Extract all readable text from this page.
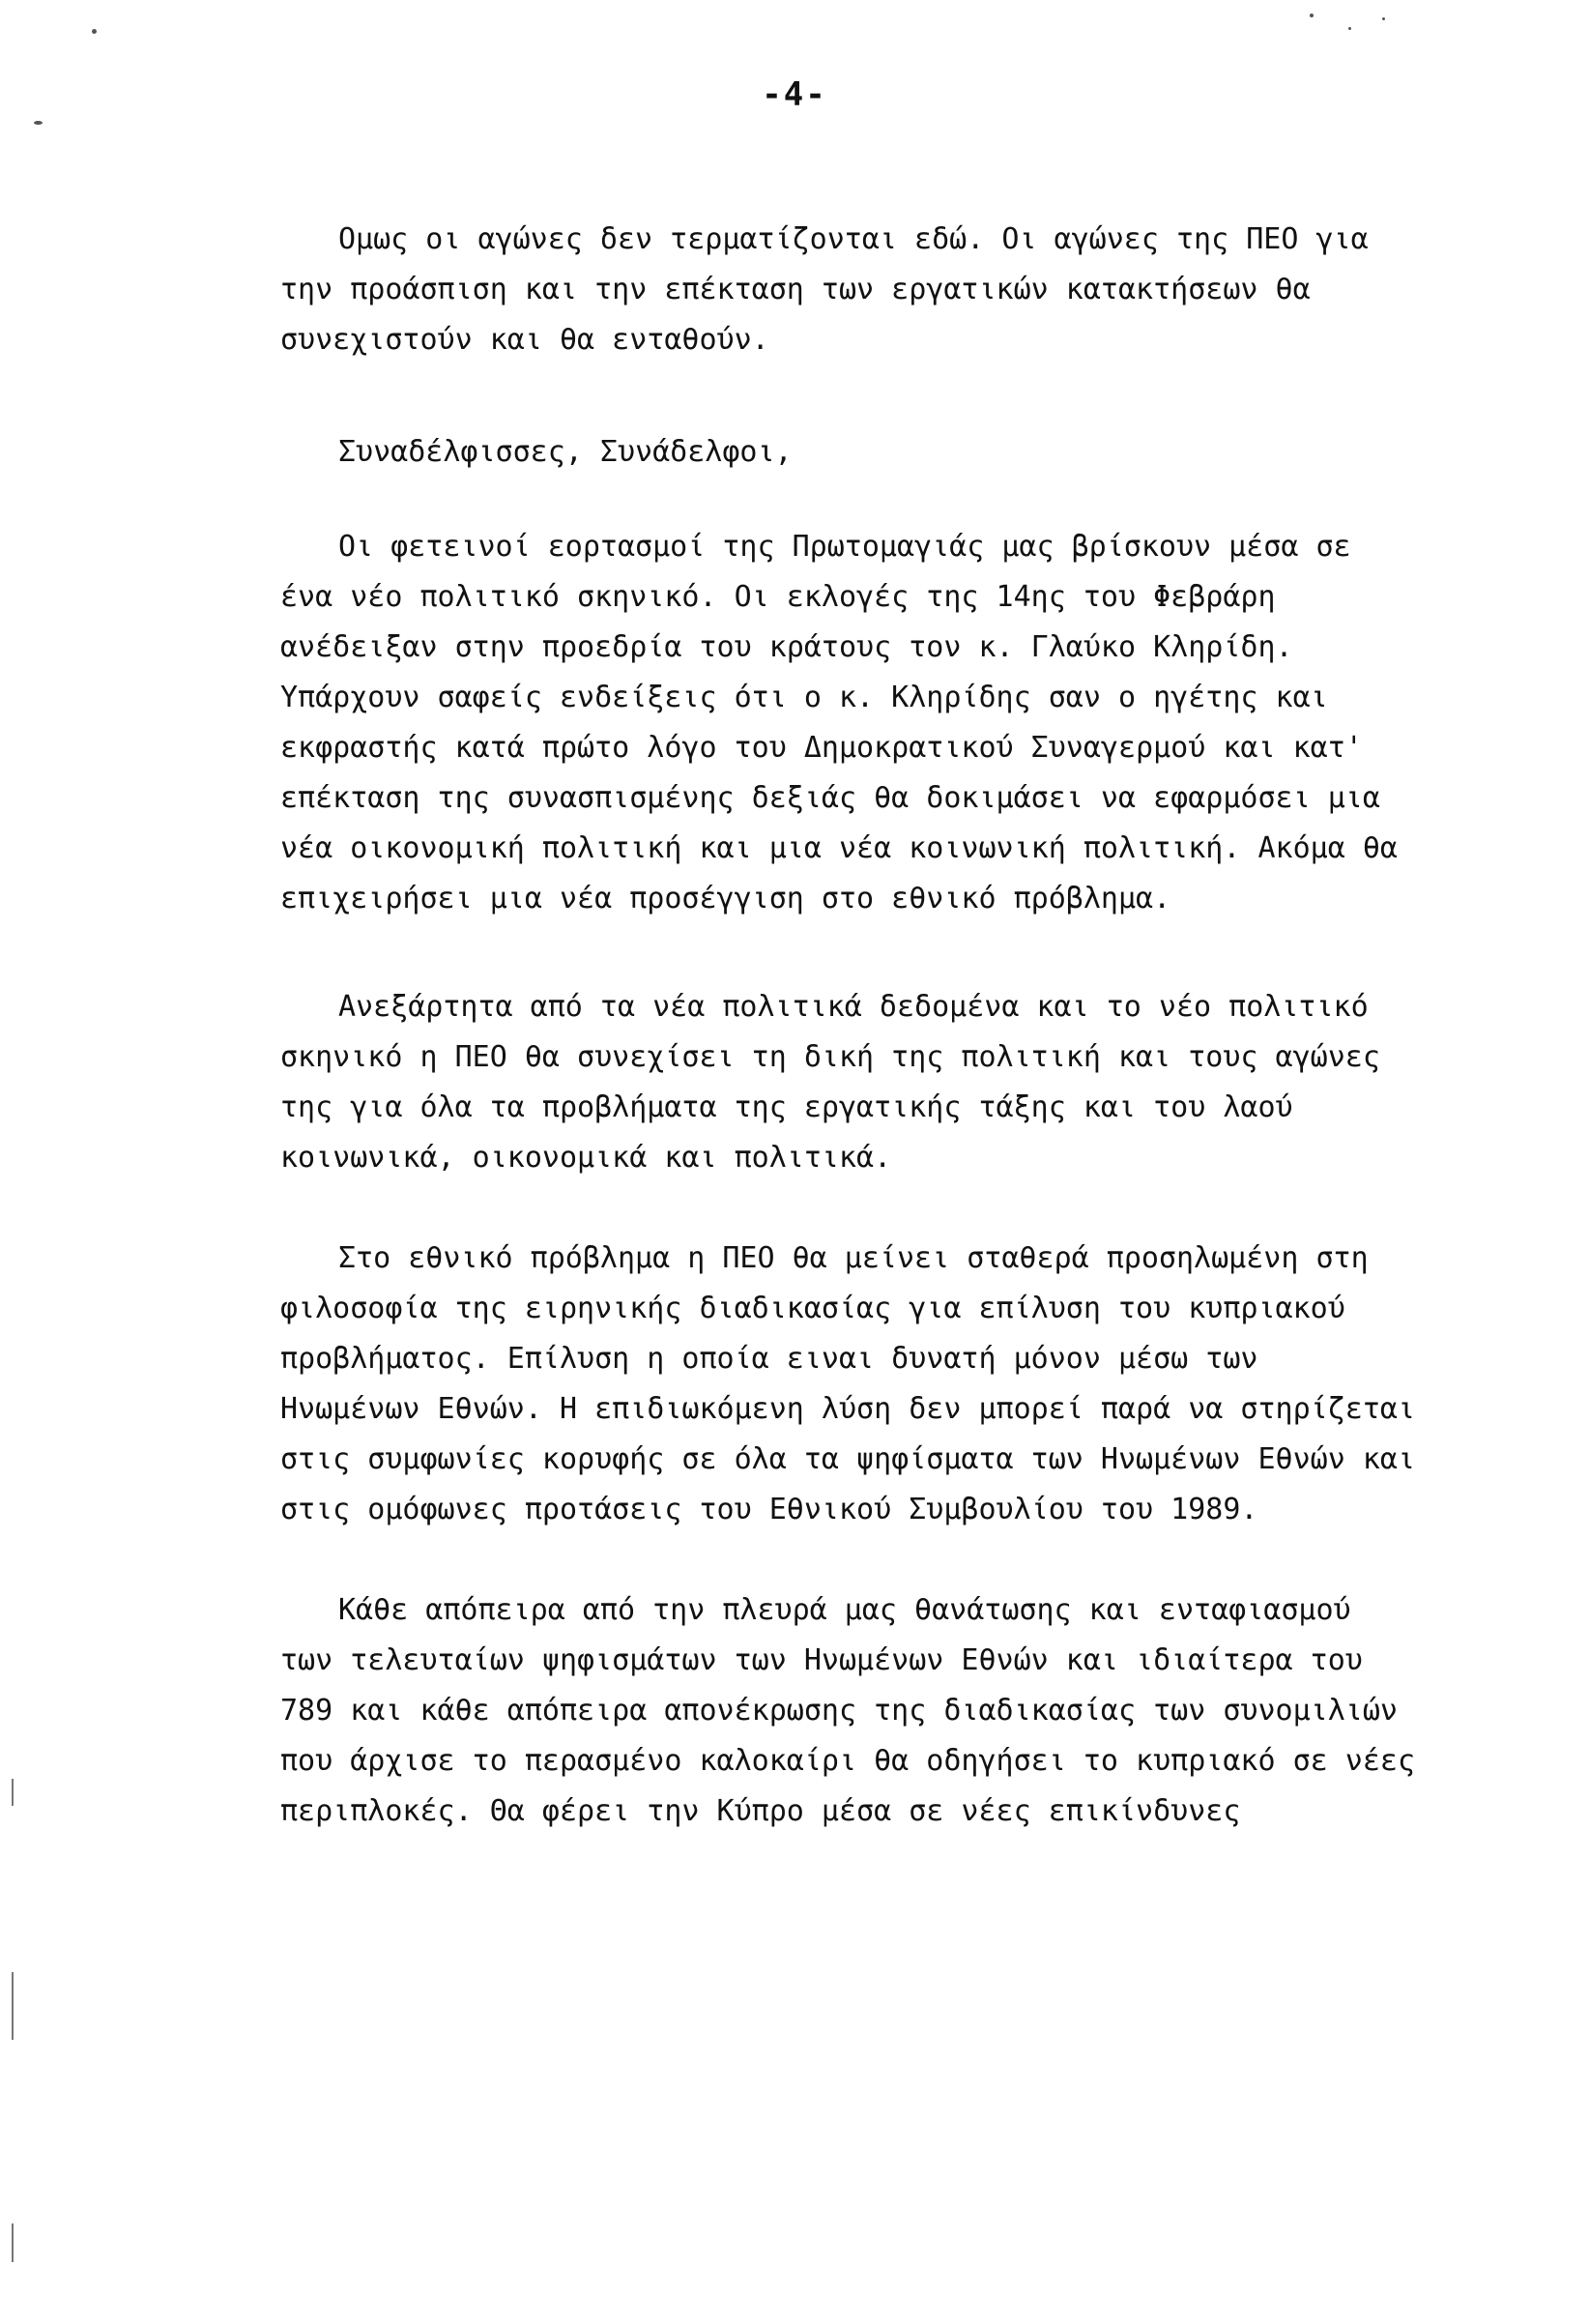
-4-
Ομως οι αγώνες δεν τερματίζονται εδώ. Οι αγώνες της ΠΕΟ για
την προάσπιση και την επέκταση των εργατικών κατακτήσεων θα
συνεχιστούν και θα ενταθούν.
Συναδέλφισσες, Συνάδελφοι,
Οι φετεινοί εορτασμοί της Πρωτομαγιάς μας βρίσκουν μέσα σε
ένα νέο πολιτικό σκηνικό. Οι εκλογές της 14ης του Φεβράρη
ανέδειξαν στην προεδρία του κράτους τον κ. Γλαύκο Κληρίδη.
Υπάρχουν σαφείς ενδείξεις ότι ο κ. Κληρίδης σαν ο ηγέτης και
εκφραστής κατά πρώτο λόγο του Δημοκρατικού Συναγερμού και κατ'
επέκταση της συνασπισμένης δεξιάς θα δοκιμάσει να εφαρμόσει μια
νέα οικονομική πολιτική και μια νέα κοινωνική πολιτική. Ακόμα θα
επιχειρήσει μια νέα προσέγγιση στο εθνικό πρόβλημα.
Ανεξάρτητα από τα νέα πολιτικά δεδομένα και το νέο πολιτικό
σκηνικό η ΠΕΟ θα συνεχίσει τη δική της πολιτική και τους αγώνες
της για όλα τα προβλήματα της εργατικής τάξης και του λαού
κοινωνικά, οικονομικά και πολιτικά.
Στο εθνικό πρόβλημα η ΠΕΟ θα μείνει σταθερά προσηλωμένη στη
φιλοσοφία της ειρηνικής διαδικασίας για επίλυση του κυπριακού
προβλήματος. Επίλυση η οποία ειναι δυνατή μόνον μέσω των
Ηνωμένων Εθνών. Η επιδιωκόμενη λύση δεν μπορεί παρά να στηρίζεται
στις συμφωνίες κορυφής σε όλα τα ψηφίσματα των Ηνωμένων Εθνών και
στις ομόφωνες προτάσεις του Εθνικού Συμβουλίου του 1989.
Κάθε απόπειρα από την πλευρά μας θανάτωσης και ενταφιασμού
των τελευταίων ψηφισμάτων των Ηνωμένων Εθνών και ιδιαίτερα του
789 και κάθε απόπειρα απονέκρωσης της διαδικασίας των συνομιλιών
που άρχισε το περασμένο καλοκαίρι θα οδηγήσει το κυπριακό σε νέες
περιπλοκές. Θα φέρει την Κύπρο μέσα σε νέες επικίνδυνες
